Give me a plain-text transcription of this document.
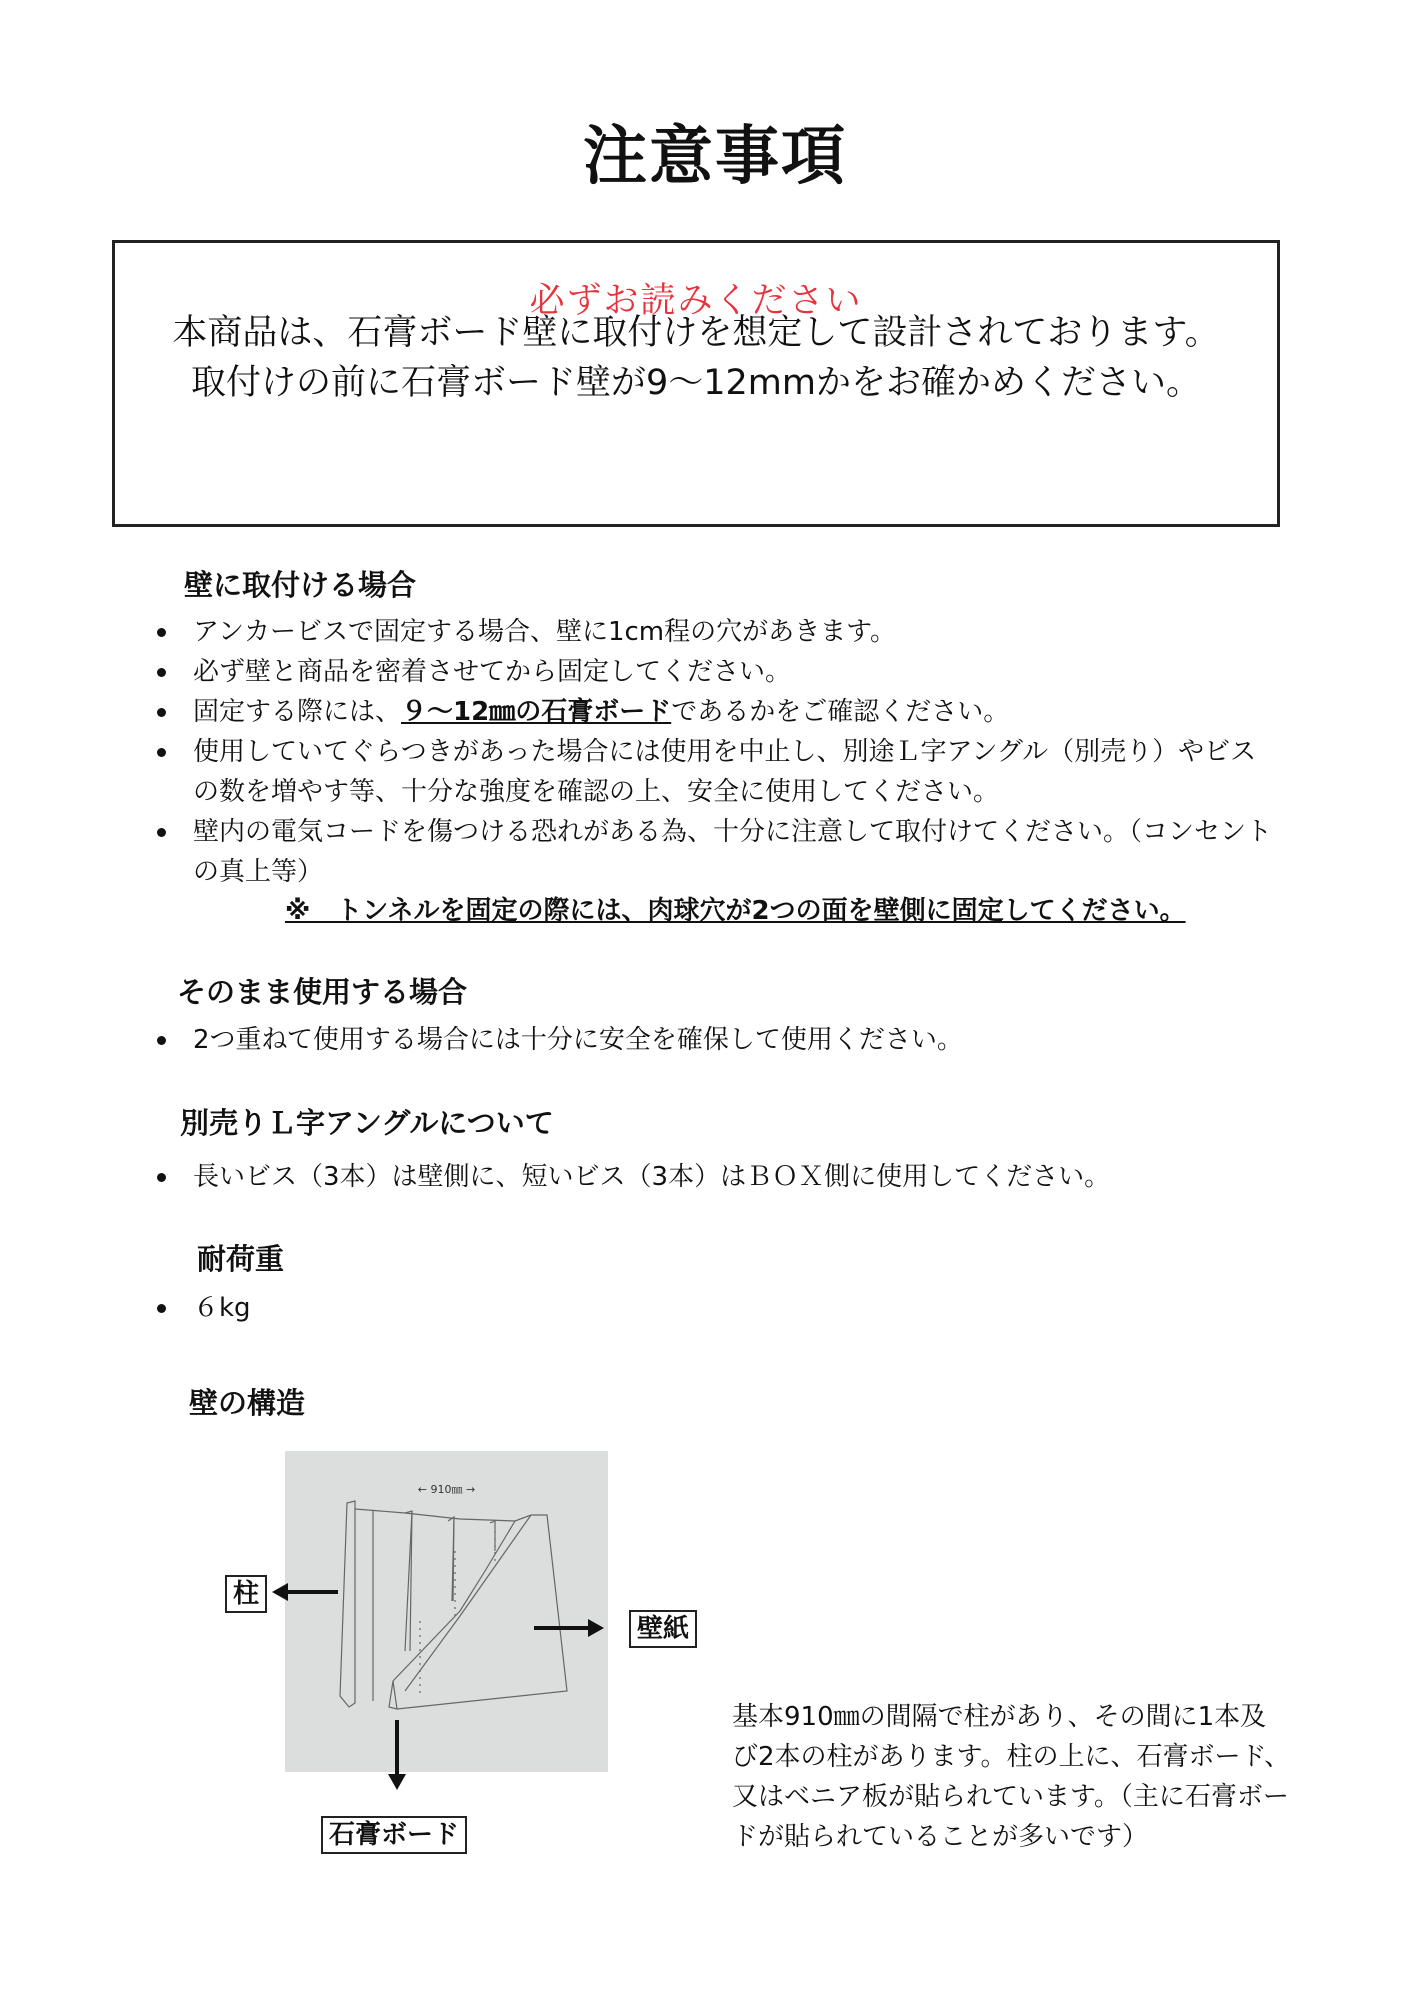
注意事項
必ずお読みください
本商品は、石膏ボード壁に取付けを想定して設計されております。
取付けの前に石膏ボード壁が9〜12mmかをお確かめください。
壁に取付ける場合
アンカービスで固定する場合、壁に1cm程の穴があきます。
必ず壁と商品を密着させてから固定してください。
固定する際には、９〜12㎜の石膏ボードであるかをご確認ください。
使用していてぐらつきがあった場合には使用を中止し、別途Ｌ字アングル（別売り）やビスの数を増やす等、十分な強度を確認の上、安全に使用してください。
壁内の電気コードを傷つける恐れがある為、十分に注意して取付けてください。（コンセントの真上等）
※　トンネルを固定の際には、肉球穴が2つの面を壁側に固定してください。
そのまま使用する場合
2つ重ねて使用する場合には十分に安全を確保して使用ください。
別売りＬ字アングルについて
長いビス（3本）は壁側に、短いビス（3本）はＢＯＸ側に使用してください。
耐荷重
６kg
壁の構造
← 910㎜ →
柱
壁紙
石膏ボード
基本910㎜の間隔で柱があり、その間に1本及び2本の柱があります。柱の上に、石膏ボード、又はベニア板が貼られています。（主に石膏ボードが貼られていることが多いです）
